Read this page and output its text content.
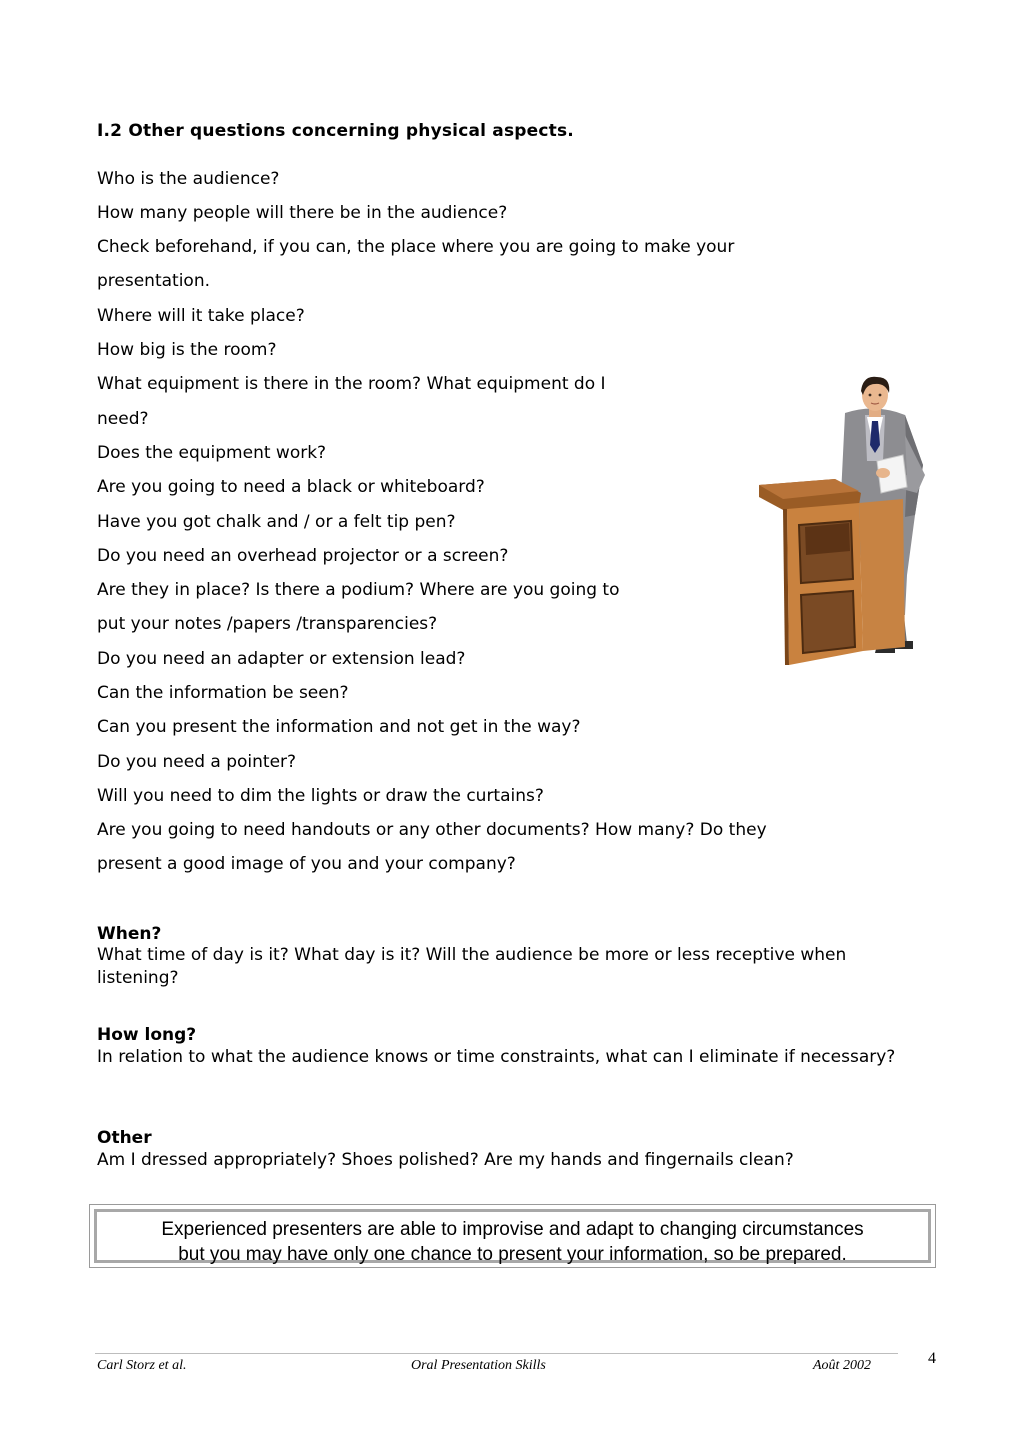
I.2 Other questions concerning physical aspects.

Who is the audience?

How many people will there be in the audience?

Check beforehand, if you can, the place where you are going to make your

presentation.

Where will it take place?

How big is the room?

What equipment is there in the room? What equipment do I

need?

Does the equipment work?

Are you going to need a black or whiteboard?

Have you got chalk and / or a felt tip pen?

Do you need an overhead projector or a screen?

Are they in place? Is there a podium? Where are you going to

put your notes /papers /transparencies?

Do you need an adapter or extension lead?

Can the information be seen?

Can you present the information and not get in the way?

Do you need a pointer?

Will you need to dim the lights or draw the curtains?

Are you going to need handouts or any other documents? How many? Do they

present a good image of you and your company?

When?

What time of day is it? What day is it? Will the audience be more or less receptive when listening?

How long?

In relation to what the audience knows or time constraints, what can I eliminate if necessary?

Other

Am I dressed appropriately? Shoes polished? Are my hands and fingernails clean?

Experienced presenters are able to improvise and adapt to changing circumstances
but you may have only one chance to present your information, so be prepared.

Carl Storz et al.	Oral Presentation Skills	Août 2002	4
